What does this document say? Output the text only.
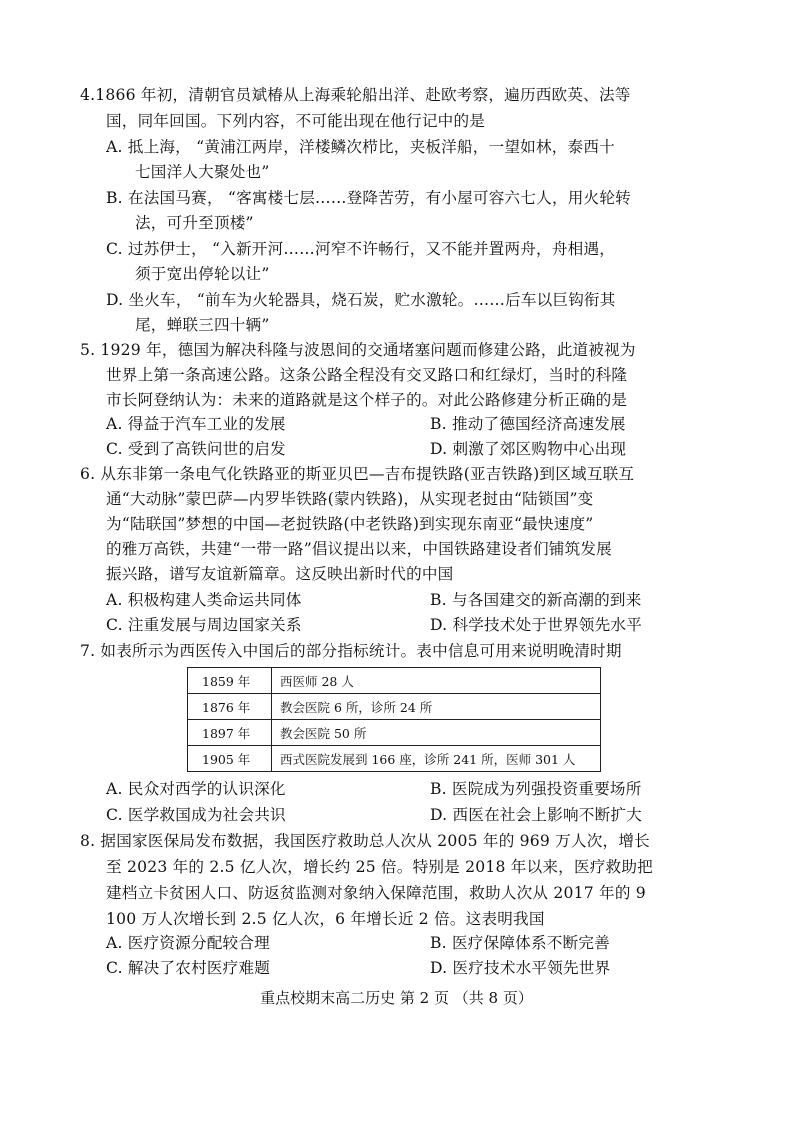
4.1866 年初，清朝官员斌椿从上海乘轮船出洋、赴欧考察，遍历西欧英、法等
国，同年回国。下列内容，不可能出现在他行记中的是
A. 抵上海， “黄浦江两岸，洋楼鳞次栉比，夹板洋船，一望如林，泰西十
七国洋人大聚处也”
B. 在法国马赛， “客寓楼七层……登降苦劳，有小屋可容六七人，用火轮转
法，可升至顶楼”
C. 过苏伊士， “入新开河……河窄不许畅行，又不能并置两舟，舟相遇，
须于宽出停轮以让”
D. 坐火车， “前车为火轮器具，烧石炭，贮水激轮。……后车以巨钩衔其
尾，蝉联三四十辆”
5. 1929 年，德国为解决科隆与波恩间的交通堵塞问题而修建公路，此道被视为
世界上第一条高速公路。这条公路全程没有交叉路口和红绿灯，当时的科隆
市长阿登纳认为：未来的道路就是这个样子的。对此公路修建分析正确的是
A. 得益于汽车工业的发展	B. 推动了德国经济高速发展
C. 受到了高铁问世的启发	D. 刺激了郊区购物中心出现
6. 从东非第一条电气化铁路亚的斯亚贝巴—吉布提铁路(亚吉铁路)到区域互联互
通“大动脉”蒙巴萨—内罗毕铁路(蒙内铁路)，从实现老挝由“陆锁国”变
为“陆联国”梦想的中国—老挝铁路(中老铁路)到实现东南亚“最快速度”
的雅万高铁，共建“一带一路”倡议提出以来，中国铁路建设者们铺筑发展
振兴路，谱写友谊新篇章。这反映出新时代的中国
A. 积极构建人类命运共同体	B. 与各国建交的新高潮的到来
C. 注重发展与周边国家关系	D. 科学技术处于世界领先水平
7. 如表所示为西医传入中国后的部分指标统计。表中信息可用来说明晚清时期
1859 年	西医师 28 人
1876 年	教会医院 6 所，诊所 24 所
1897 年	教会医院 50 所
1905 年	西式医院发展到 166 座，诊所 241 所，医师 301 人
A. 民众对西学的认识深化	B. 医院成为列强投资重要场所
C. 医学救国成为社会共识	D. 西医在社会上影响不断扩大
8. 据国家医保局发布数据，我国医疗救助总人次从 2005 年的 969 万人次，增长
至 2023 年的 2.5 亿人次，增长约 25 倍。特别是 2018 年以来，医疗救助把
建档立卡贫困人口、防返贫监测对象纳入保障范围，救助人次从 2017 年的 9
100 万人次增长到 2.5 亿人次，6 年增长近 2 倍。这表明我国
A. 医疗资源分配较合理	B. 医疗保障体系不断完善
C. 解决了农村医疗难题	D. 医疗技术水平领先世界
重点校期末高二历史 第 2 页 （共 8 页）
